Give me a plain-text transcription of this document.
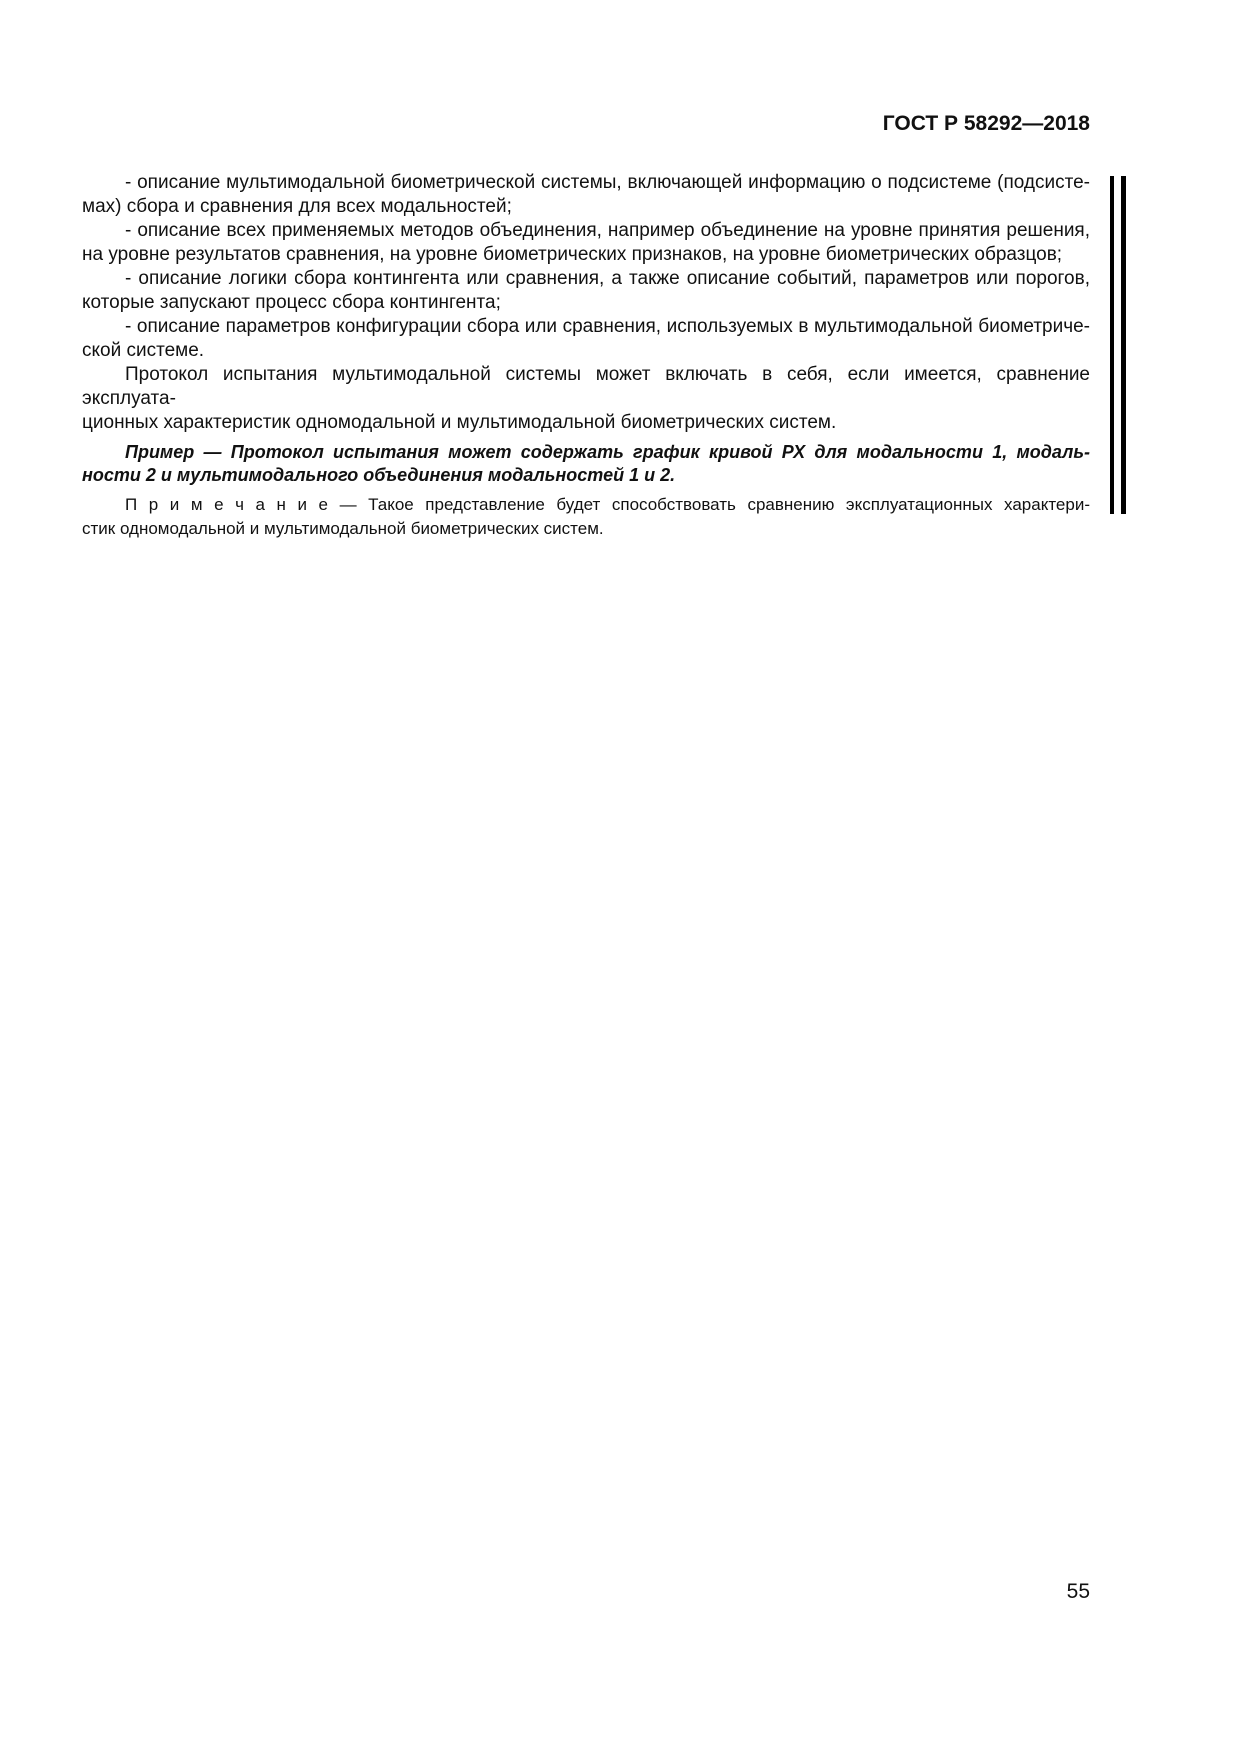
ГОСТ Р 58292—2018
- описание мультимодальной биометрической системы, включающей информацию о подсистеме (подсисте-
мах) сбора и сравнения для всех модальностей;
- описание всех применяемых методов объединения, например объединение на уровне принятия решения,
на уровне результатов сравнения, на уровне биометрических признаков, на уровне биометрических образцов;
- описание логики сбора контингента или сравнения, а также описание событий, параметров или порогов,
которые запускают процесс сбора контингента;
- описание параметров конфигурации сбора или сравнения, используемых в мультимодальной биометриче-
ской системе.
Протокол испытания мультимодальной системы может включать в себя, если имеется, сравнение эксплуата-
ционных характеристик одномодальной и мультимодальной биометрических систем.
Пример — Протокол испытания может содержать график кривой РХ для модальности 1, модаль-
ности 2 и мультимодального объединения модальностей 1 и 2.
П р и м е ч а н и е — Такое представление будет способствовать сравнению эксплуатационных характери-
стик одномодальной и мультимодальной биометрических систем.
55
